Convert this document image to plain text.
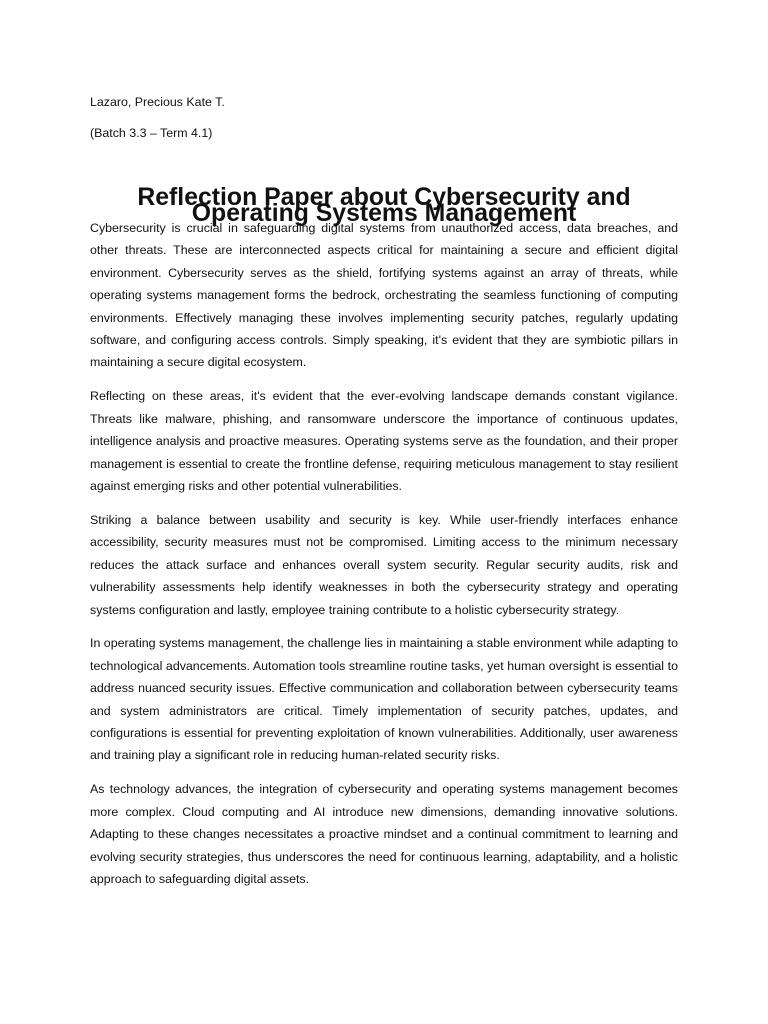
Lazaro, Precious Kate T.

(Batch 3.3 – Term 4.1)

Reflection Paper about Cybersecurity and Operating Systems Management

Cybersecurity is crucial in safeguarding digital systems from unauthorized access, data breaches, and other threats. These are interconnected aspects critical for maintaining a secure and efficient digital environment. Cybersecurity serves as the shield, fortifying systems against an array of threats, while operating systems management forms the bedrock, orchestrating the seamless functioning of computing environments. Effectively managing these involves implementing security patches, regularly updating software, and configuring access controls. Simply speaking, it's evident that they are symbiotic pillars in maintaining a secure digital ecosystem.

Reflecting on these areas, it's evident that the ever-evolving landscape demands constant vigilance. Threats like malware, phishing, and ransomware underscore the importance of continuous updates, intelligence analysis and proactive measures. Operating systems serve as the foundation, and their proper management is essential to create the frontline defense, requiring meticulous management to stay resilient against emerging risks and other potential vulnerabilities.

Striking a balance between usability and security is key. While user-friendly interfaces enhance accessibility, security measures must not be compromised. Limiting access to the minimum necessary reduces the attack surface and enhances overall system security. Regular security audits, risk and vulnerability assessments help identify weaknesses in both the cybersecurity strategy and operating systems configuration and lastly, employee training contribute to a holistic cybersecurity strategy.

In operating systems management, the challenge lies in maintaining a stable environment while adapting to technological advancements. Automation tools streamline routine tasks, yet human oversight is essential to address nuanced security issues. Effective communication and collaboration between cybersecurity teams and system administrators are critical. Timely implementation of security patches, updates, and configurations is essential for preventing exploitation of known vulnerabilities. Additionally, user awareness and training play a significant role in reducing human-related security risks.

As technology advances, the integration of cybersecurity and operating systems management becomes more complex. Cloud computing and AI introduce new dimensions, demanding innovative solutions. Adapting to these changes necessitates a proactive mindset and a continual commitment to learning and evolving security strategies, thus underscores the need for continuous learning, adaptability, and a holistic approach to safeguarding digital assets.
